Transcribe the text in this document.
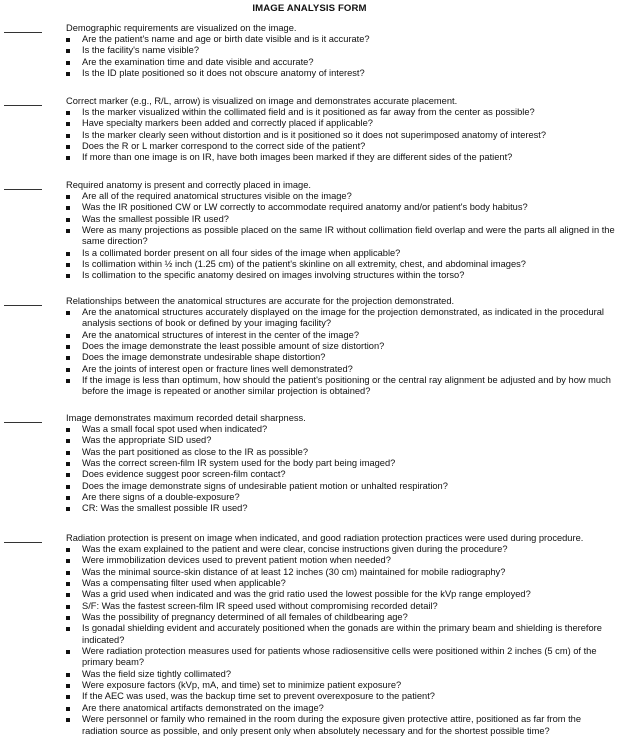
IMAGE ANALYSIS FORM
Demographic requirements are visualized on the image.
Are the patient's name and age or birth date visible and is it accurate?
Is the facility's name visible?
Are the examination time and date visible and accurate?
Is the ID plate positioned so it does not obscure anatomy of interest?
Correct marker (e.g., R/L, arrow) is visualized on image and demonstrates accurate placement.
Is the marker visualized within the collimated field and is it positioned as far away from the center as possible?
Have specialty markers been added and correctly placed if applicable?
Is the marker clearly seen without distortion and is it positioned so it does not superimposed anatomy of interest?
Does the R or L marker correspond to the correct side of the patient?
If more than one image is on IR, have both images been marked if they are different sides of the patient?
Required anatomy is present and correctly placed in image.
Are all of the required anatomical structures visible on the image?
Was the IR positioned CW or LW correctly to accommodate required anatomy and/or patient's body habitus?
Was the smallest possible IR used?
Were as many projections as possible placed on the same IR without collimation field overlap and were the parts all aligned in the same direction?
Is a collimated border present on all four sides of the image when applicable?
Is collimation within ½ inch (1.25 cm) of the patient's skinline on all extremity, chest, and abdominal images?
Is collimation to the specific anatomy desired on images involving structures within the torso?
Relationships between the anatomical structures are accurate for the projection demonstrated.
Are the anatomical structures accurately displayed on the image for the projection demonstrated, as indicated in the procedural analysis sections of book or defined by your imaging facility?
Are the anatomical structures of interest in the center of the image?
Does the image demonstrate the least possible amount of size distortion?
Does the image demonstrate undesirable shape distortion?
Are the joints of interest open or fracture lines well demonstrated?
If the image is less than optimum, how should the patient's positioning or the central ray alignment be adjusted and by how much before the image is repeated or another similar projection is obtained?
Image demonstrates maximum recorded detail sharpness.
Was a small focal spot used when indicated?
Was the appropriate SID used?
Was the part positioned as close to the IR as possible?
Was the correct screen-film IR system used for the body part being imaged?
Does evidence suggest poor screen-film contact?
Does the image demonstrate signs of undesirable patient motion or unhalted respiration?
Are there signs of a double-exposure?
CR: Was the smallest possible IR used?
Radiation protection is present on image when indicated, and good radiation protection practices were used during procedure.
Was the exam explained to the patient and were clear, concise instructions given during the procedure?
Were immobilization devices used to prevent patient motion when needed?
Was the minimal source-skin distance of at least 12 inches (30 cm) maintained for mobile radiography?
Was a compensating filter used when applicable?
Was a grid used when indicated and was the grid ratio used the lowest possible for the kVp range employed?
S/F: Was the fastest screen-film IR speed used without compromising recorded detail?
Was the possibility of pregnancy determined of all females of childbearing age?
Is gonadal shielding evident and accurately positioned when the gonads are within the primary beam and shielding is therefore indicated?
Were radiation protection measures used for patients whose radiosensitive cells were positioned within 2 inches (5 cm) of the primary beam?
Was the field size tightly collimated?
Were exposure factors (kVp, mA, and time) set to minimize patient exposure?
If the AEC was used, was the backup time set to prevent overexposure to the patient?
Are there anatomical artifacts demonstrated on the image?
Were personnel or family who remained in the room during the exposure given protective attire, positioned as far from the radiation source as possible, and only present only when absolutely necessary and for the shortest possible time?
